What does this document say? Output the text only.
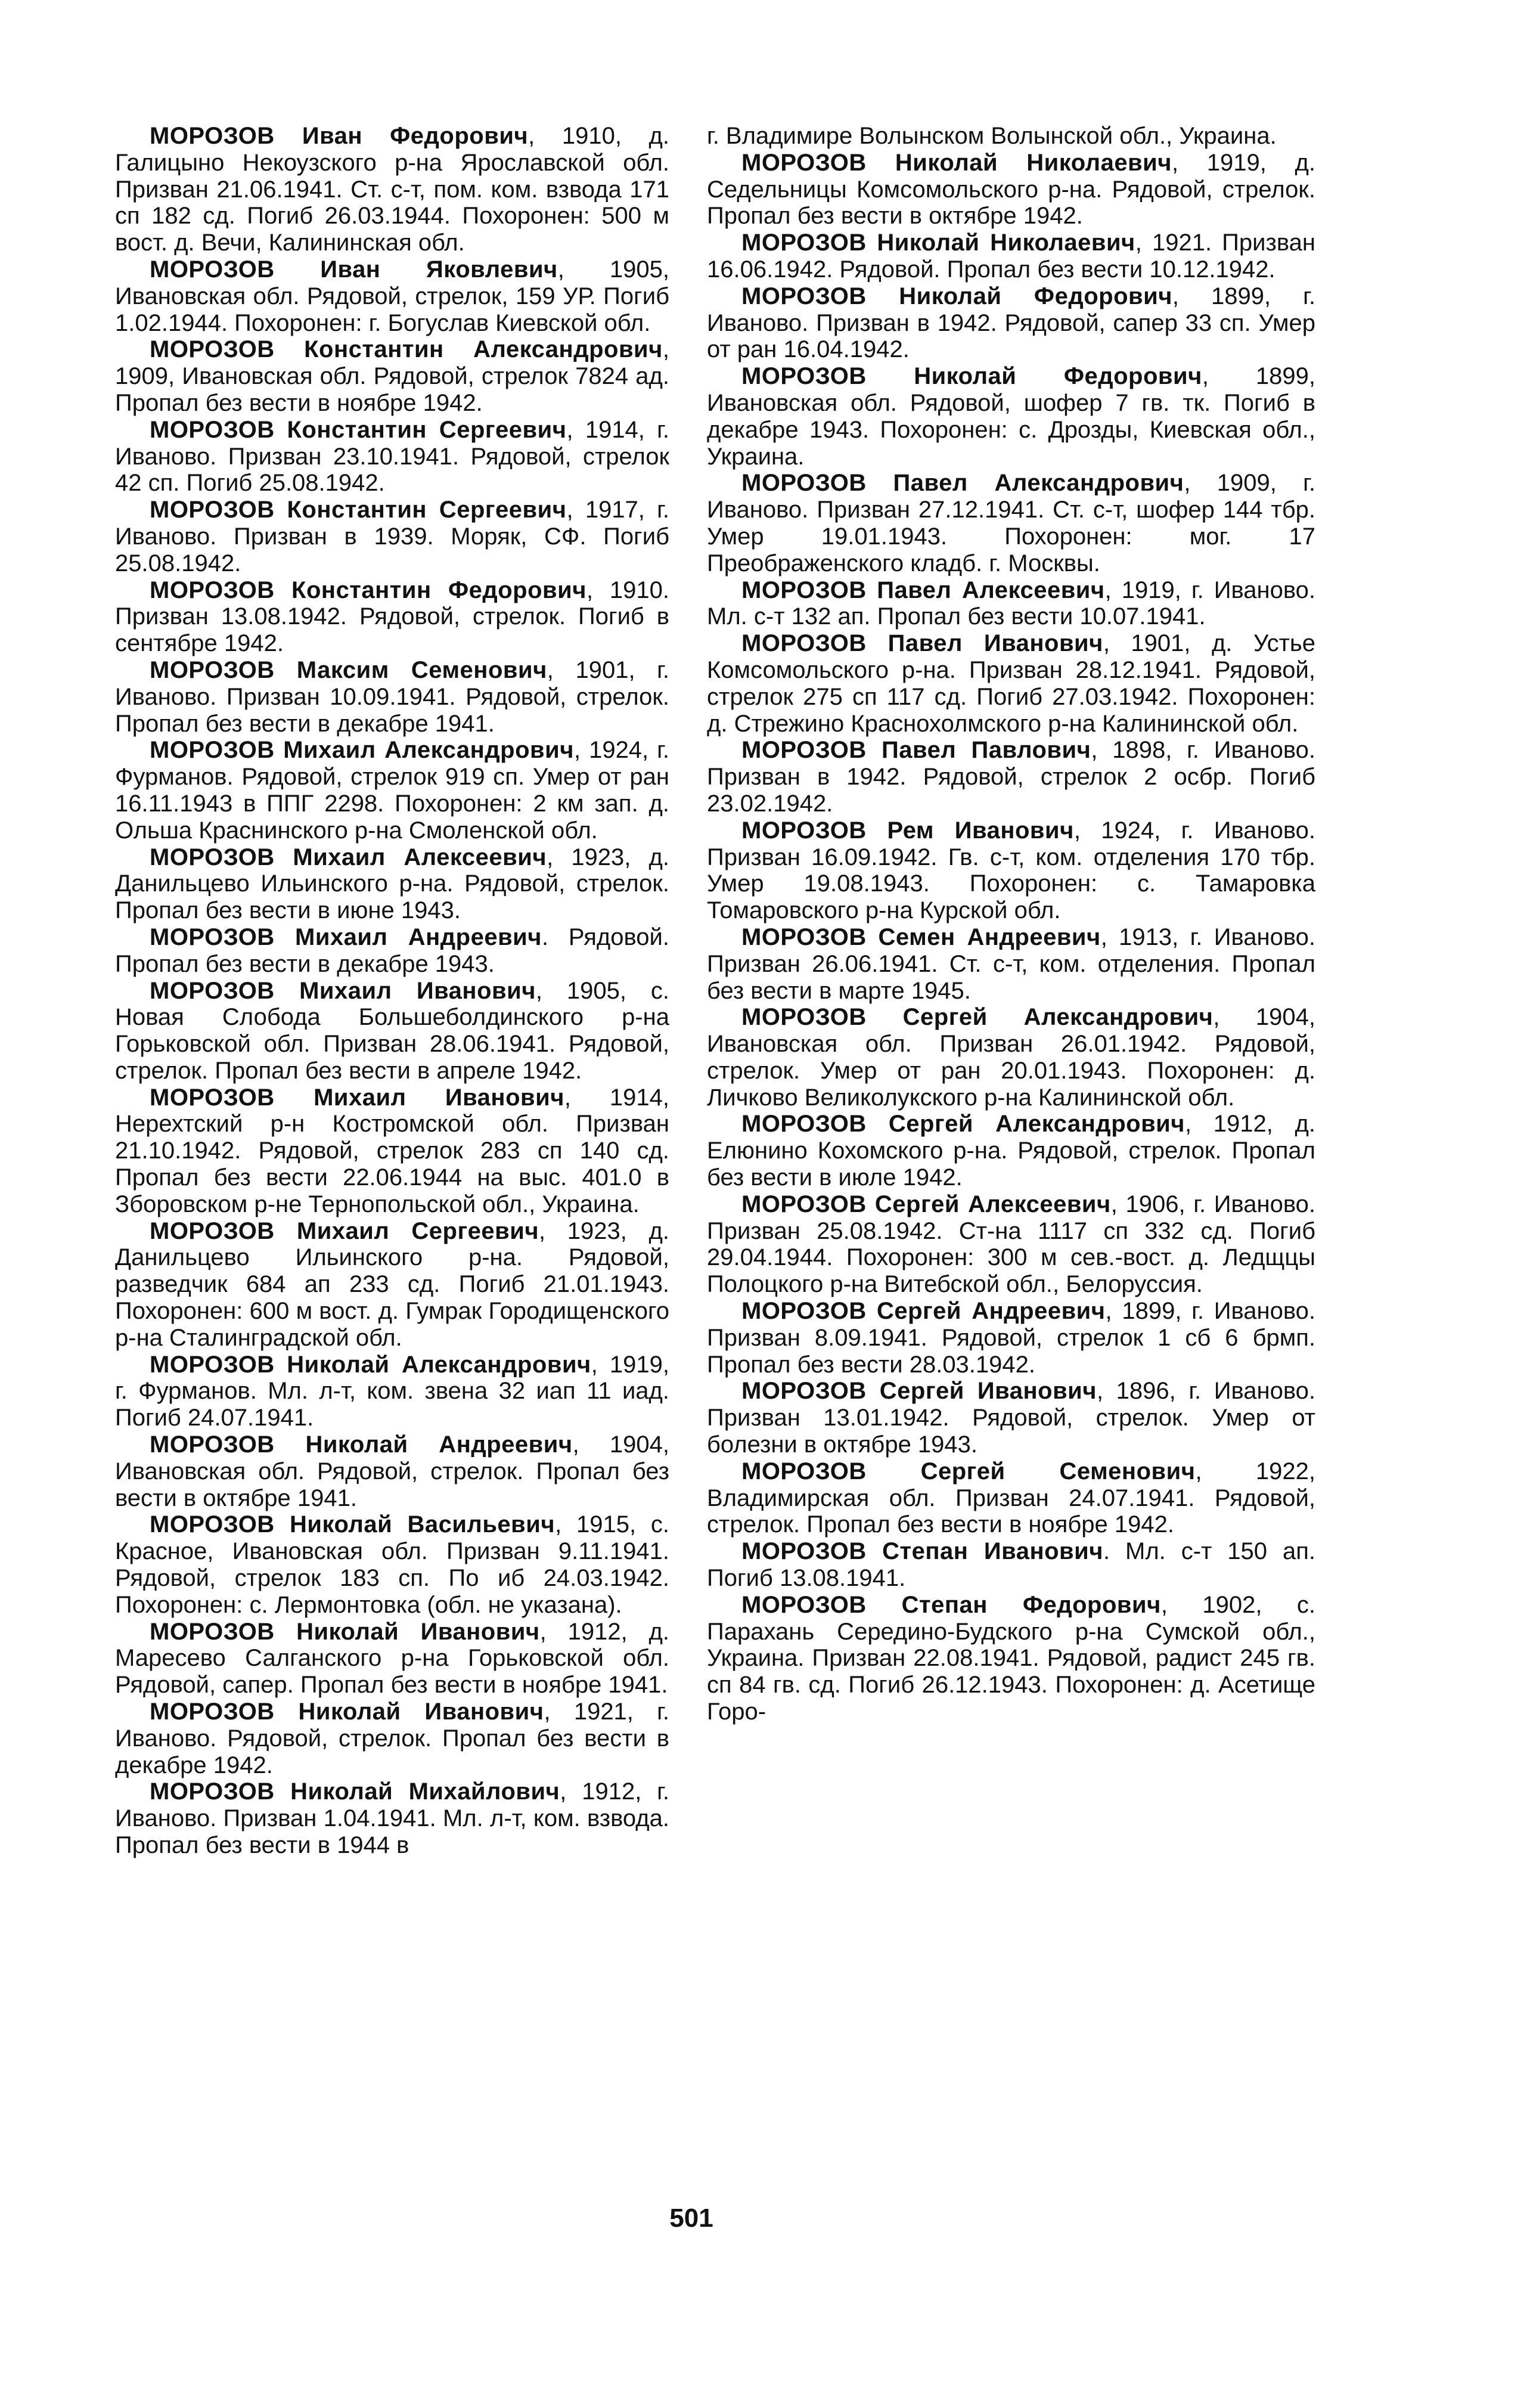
МОРОЗОВ Иван Федорович, 1910, д. Галицыно Некоузского р-на Ярославской обл. Призван 21.06.1941. Ст. с-т, пом. ком. взвода 171 сп 182 сд. Погиб 26.03.1944. Похоронен: 500 м вост. д. Вечи, Калининская обл.

МОРОЗОВ Иван Яковлевич, 1905, Ивановская обл. Рядовой, стрелок, 159 УР. Погиб 1.02.1944. Похоронен: г. Богуслав Киевской обл.

МОРОЗОВ Константин Александрович, 1909, Ивановская обл. Рядовой, стрелок 7824 ад. Пропал без вести в ноябре 1942.

МОРОЗОВ Константин Сергеевич, 1914, г. Иваново. Призван 23.10.1941. Рядовой, стрелок 42 сп. Погиб 25.08.1942.

МОРОЗОВ Константин Сергеевич, 1917, г. Иваново. Призван в 1939. Моряк, СФ. Погиб 25.08.1942.

МОРОЗОВ Константин Федорович, 1910. Призван 13.08.1942. Рядовой, стрелок. Погиб в сентябре 1942.

МОРОЗОВ Максим Семенович, 1901, г. Иваново. Призван 10.09.1941. Рядовой, стрелок. Пропал без вести в декабре 1941.

МОРОЗОВ Михаил Александрович, 1924, г. Фурманов. Рядовой, стрелок 919 сп. Умер от ран 16.11.1943 в ППГ 2298. Похоронен: 2 км зап. д. Ольша Краснинского р-на Смоленской обл.

МОРОЗОВ Михаил Алексеевич, 1923, д. Данильцево Ильинского р-на. Рядовой, стрелок. Пропал без вести в июне 1943.

МОРОЗОВ Михаил Андреевич. Рядовой. Пропал без вести в декабре 1943.

МОРОЗОВ Михаил Иванович, 1905, с. Новая Слобода Большеболдинского р-на Горьковской обл. Призван 28.06.1941. Рядовой, стрелок. Пропал без вести в апреле 1942.

МОРОЗОВ Михаил Иванович, 1914, Нерехтский р-н Костромской обл. Призван 21.10.1942. Рядовой, стрелок 283 сп 140 сд. Пропал без вести 22.06.1944 на выс. 401.0 в Зборовском р-не Тернопольской обл., Украина.

МОРОЗОВ Михаил Сергеевич, 1923, д. Данильцево Ильинского р-на. Рядовой, разведчик 684 ап 233 сд. Погиб 21.01.1943. Похоронен: 600 м вост. д. Гумрак Городищенского р-на Сталинградской обл.

МОРОЗОВ Николай Александрович, 1919, г. Фурманов. Мл. л-т, ком. звена 32 иап 11 иад. Погиб 24.07.1941.

МОРОЗОВ Николай Андреевич, 1904, Ивановская обл. Рядовой, стрелок. Пропал без вести в октябре 1941.

МОРОЗОВ Николай Васильевич, 1915, с. Красное, Ивановская обл. Призван 9.11.1941. Рядовой, стрелок 183 сп. По иб 24.03.1942. Похоронен: с. Лермонтовка (обл. не указана).

МОРОЗОВ Николай Иванович, 1912, д. Маресево Салганского р-на Горьковской обл. Рядовой, сапер. Пропал без вести в ноябре 1941.

МОРОЗОВ Николай Иванович, 1921, г. Иваново. Рядовой, стрелок. Пропал без вести в декабре 1942.

МОРОЗОВ Николай Михайлович, 1912, г. Иваново. Призван 1.04.1941. Мл. л-т, ком. взвода. Пропал без вести в 1944 в

г. Владимире Волынском Волынской обл., Украина.

МОРОЗОВ Николай Николаевич, 1919, д. Седельницы Комсомольского р-на. Рядовой, стрелок. Пропал без вести в октябре 1942.

МОРОЗОВ Николай Николаевич, 1921. Призван 16.06.1942. Рядовой. Пропал без вести 10.12.1942.

МОРОЗОВ Николай Федорович, 1899, г. Иваново. Призван в 1942. Рядовой, сапер 33 сп. Умер от ран 16.04.1942.

МОРОЗОВ Николай Федорович, 1899, Ивановская обл. Рядовой, шофер 7 гв. тк. Погиб в декабре 1943. Похоронен: с. Дрозды, Киевская обл., Украина.

МОРОЗОВ Павел Александрович, 1909, г. Иваново. Призван 27.12.1941. Ст. с-т, шофер 144 тбр. Умер 19.01.1943. Похоронен: мог. 17 Преображенского кладб. г. Москвы.

МОРОЗОВ Павел Алексеевич, 1919, г. Иваново. Мл. с-т 132 ап. Пропал без вести 10.07.1941.

МОРОЗОВ Павел Иванович, 1901, д. Устье Комсомольского р-на. Призван 28.12.1941. Рядовой, стрелок 275 сп 117 сд. Погиб 27.03.1942. Похоронен: д. Стрежино Краснохолмского р-на Калининской обл.

МОРОЗОВ Павел Павлович, 1898, г. Иваново. Призван в 1942. Рядовой, стрелок 2 осбр. Погиб 23.02.1942.

МОРОЗОВ Рем Иванович, 1924, г. Иваново. Призван 16.09.1942. Гв. с-т, ком. отделения 170 тбр. Умер 19.08.1943. Похоронен: с. Тамаровка Томаровского р-на Курской обл.

МОРОЗОВ Семен Андреевич, 1913, г. Иваново. Призван 26.06.1941. Ст. с-т, ком. отделения. Пропал без вести в марте 1945.

МОРОЗОВ Сергей Александрович, 1904, Ивановская обл. Призван 26.01.1942. Рядовой, стрелок. Умер от ран 20.01.1943. Похоронен: д. Личково Великолукского р-на Калининской обл.

МОРОЗОВ Сергей Александрович, 1912, д. Елюнино Кохомского р-на. Рядовой, стрелок. Пропал без вести в июле 1942.

МОРОЗОВ Сергей Алексеевич, 1906, г. Иваново. Призван 25.08.1942. Ст-на 1117 сп 332 сд. Погиб 29.04.1944. Похоронен: 300 м сев.-вост. д. Ледщцы Полоцкого р-на Витебской обл., Белоруссия.

МОРОЗОВ Сергей Андреевич, 1899, г. Иваново. Призван 8.09.1941. Рядовой, стрелок 1 сб 6 брмп. Пропал без вести 28.03.1942.

МОРОЗОВ Сергей Иванович, 1896, г. Иваново. Призван 13.01.1942. Рядовой, стрелок. Умер от болезни в октябре 1943.

МОРОЗОВ Сергей Семенович, 1922, Владимирская обл. Призван 24.07.1941. Рядовой, стрелок. Пропал без вести в ноябре 1942.

МОРОЗОВ Степан Иванович. Мл. с-т 150 ап. Погиб 13.08.1941.

МОРОЗОВ Степан Федорович, 1902, с. Парахань Середино-Будского р-на Сумской обл., Украина. Призван 22.08.1941. Рядовой, радист 245 гв. сп 84 гв. сд. Погиб 26.12.1943. Похоронен: д. Асетище Горо-

501
